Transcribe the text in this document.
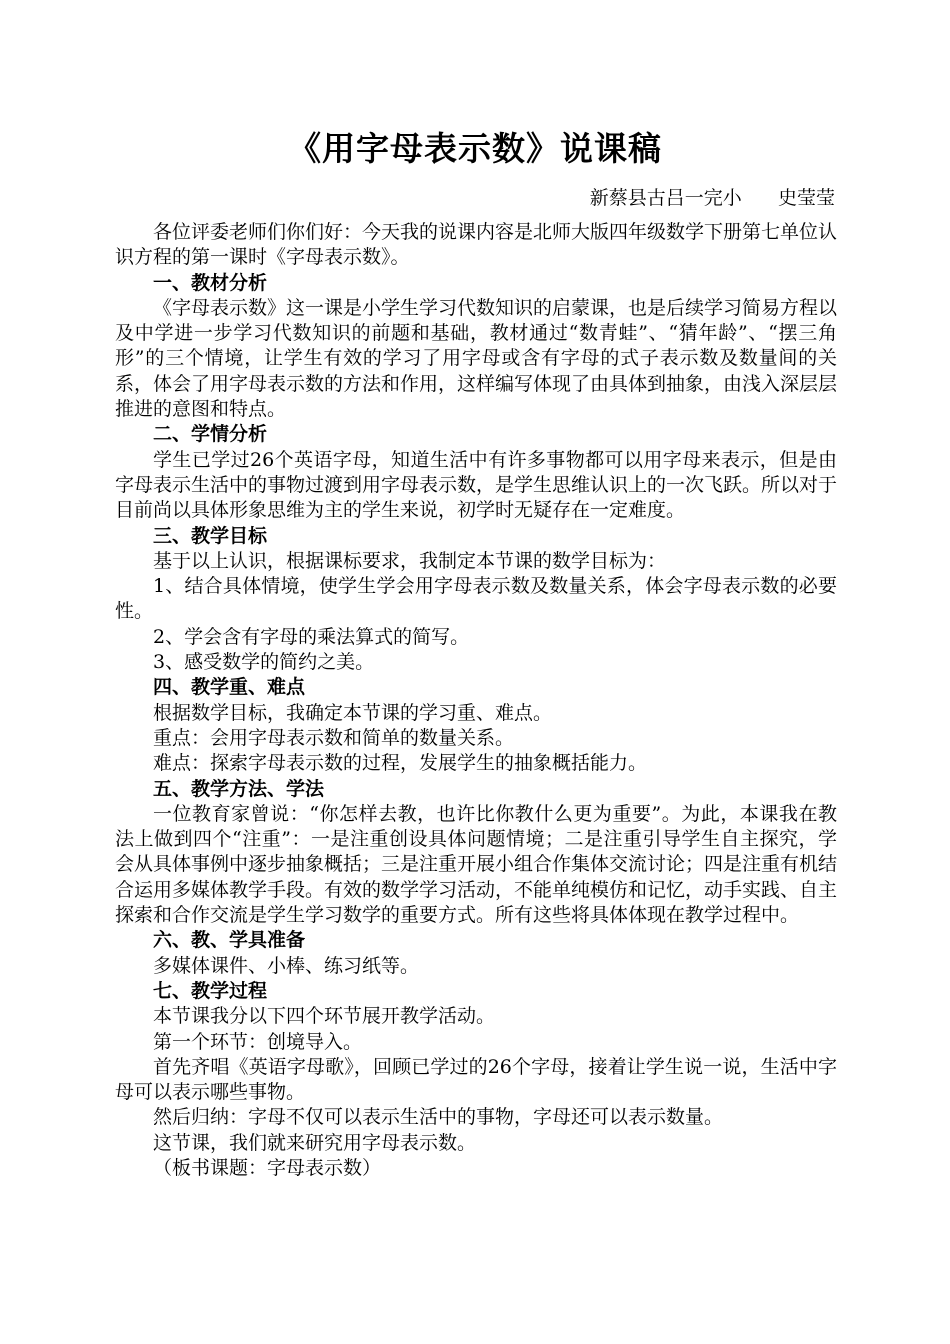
《用字母表示数》说课稿
新蔡县古吕一完小      史莹莹

各位评委老师们你们好：今天我的说课内容是北师大版四年级数学下册第七单位认识方程的第一课时《字母表示数》。

一、教材分析

《字母表示数》这一课是小学生学习代数知识的启蒙课，也是后续学习简易方程以及中学进一步学习代数知识的前题和基础，教材通过“数青蛙”、“猜年龄”、“摆三角形”的三个情境，让学生有效的学习了用字母或含有字母的式子表示数及数量间的关系，体会了用字母表示数的方法和作用，这样编写体现了由具体到抽象，由浅入深层层推进的意图和特点。

二、学情分析

学生已学过26个英语字母，知道生活中有许多事物都可以用字母来表示，但是由字母表示生活中的事物过渡到用字母表示数，是学生思维认识上的一次飞跃。所以对于目前尚以具体形象思维为主的学生来说，初学时无疑存在一定难度。

三、教学目标

基于以上认识，根据课标要求，我制定本节课的数学目标为：

1、结合具体情境，使学生学会用字母表示数及数量关系，体会字母表示数的必要性。

2、学会含有字母的乘法算式的简写。

3、感受数学的简约之美。

四、教学重、难点

根据数学目标，我确定本节课的学习重、难点。

重点：会用字母表示数和简单的数量关系。

难点：探索字母表示数的过程，发展学生的抽象概括能力。

五、教学方法、学法

一位教育家曾说：“你怎样去教，也许比你教什么更为重要”。为此，本课我在教法上做到四个“注重”：一是注重创设具体问题情境；二是注重引导学生自主探究，学会从具体事例中逐步抽象概括；三是注重开展小组合作集体交流讨论；四是注重有机结合运用多媒体教学手段。有效的数学学习活动，不能单纯模仿和记忆，动手实践、自主探索和合作交流是学生学习数学的重要方式。所有这些将具体体现在教学过程中。

六、教、学具准备

多媒体课件、小棒、练习纸等。

七、教学过程

本节课我分以下四个环节展开教学活动。

第一个环节：创境导入。

首先齐唱《英语字母歌》，回顾已学过的26个字母，接着让学生说一说，生活中字母可以表示哪些事物。

然后归纳：字母不仅可以表示生活中的事物，字母还可以表示数量。

这节课，我们就来研究用字母表示数。

（板书课题：字母表示数）
